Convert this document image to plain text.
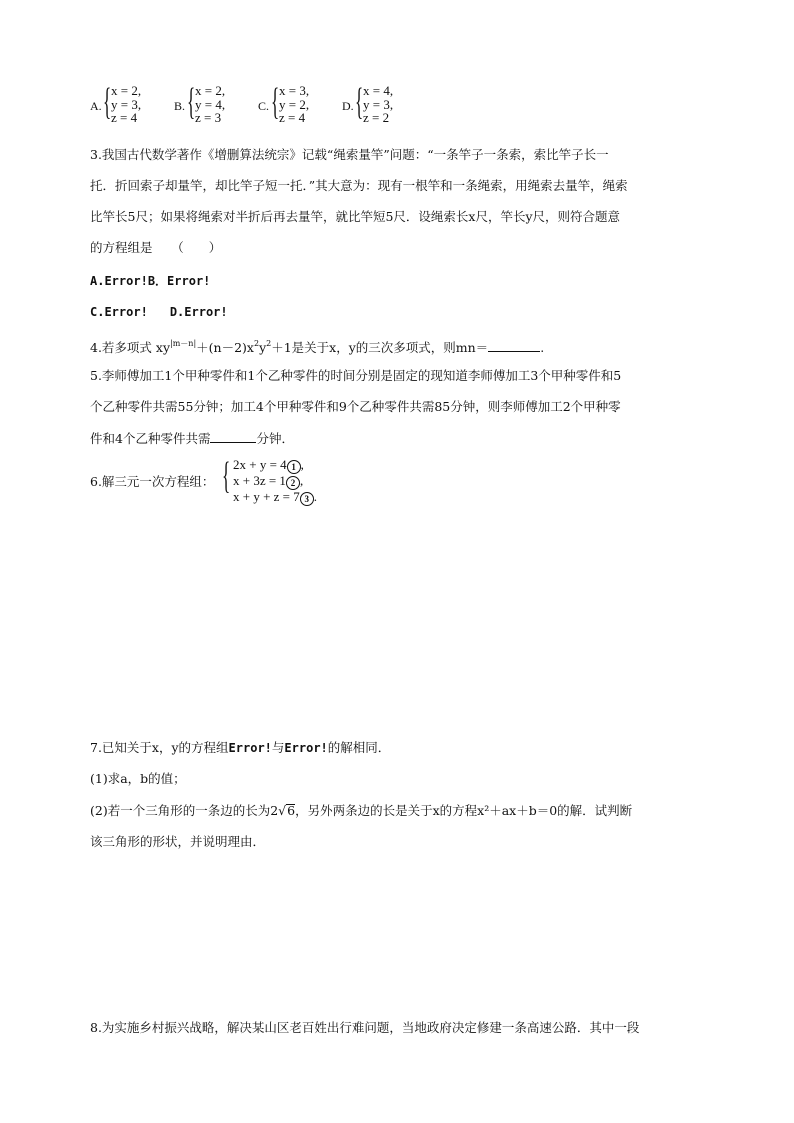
A. { x = 2,
y = 3,
z = 4
B. { x = 2,
y = 4,
z = 3
C. { x = 3,
y = 2,
z = 4
D. { x = 4,
y = 3,
z = 2
3.我国古代数学著作《增删算法统宗》记载“绳索量竿”问题：“一条竿子一条索，索比竿子长一
托．折回索子却量竿，却比竿子短一托．”其大意为：现有一根竿和一条绳索，用绳索去量竿，绳索
比竿长5尺；如果将绳索对半折后再去量竿，就比竿短5尺．设绳索长x尺，竿长y尺，则符合题意
的方程组是　　（　　）
A.Error!B．Error!
C.Error! D.Error!
4.若多项式 $xy^{|m-n|}+(n-2)x^2y^2+1$是关于x，y的三次多项式，则mn＝	.
5.李师傅加工1个甲种零件和1个乙种零件的时间分别是固定的现知道李师傅加工3个甲种零件和5
个乙种零件共需55分钟；加工4个甲种零件和9个乙种零件共需85分钟，则李师傅加工2个甲种零
件和4个乙种零件共需	分钟．
6.解三元一次方程组： { 2x + y = 4 1 ,
x + 3z = 1 2 ,
x + y + z = 7 3 .
7.已知关于x，y的方程组Error!与Error!的解相同．
(1)求a，b的值；
(2)若一个三角形的一条边的长为2√6，另外两条边的长是关于x的方程x²＋ax＋b＝0的解．试判断
该三角形的形状，并说明理由．
8.为实施乡村振兴战略，解决某山区老百姓出行难问题，当地政府决定修建一条高速公路．其中一段
